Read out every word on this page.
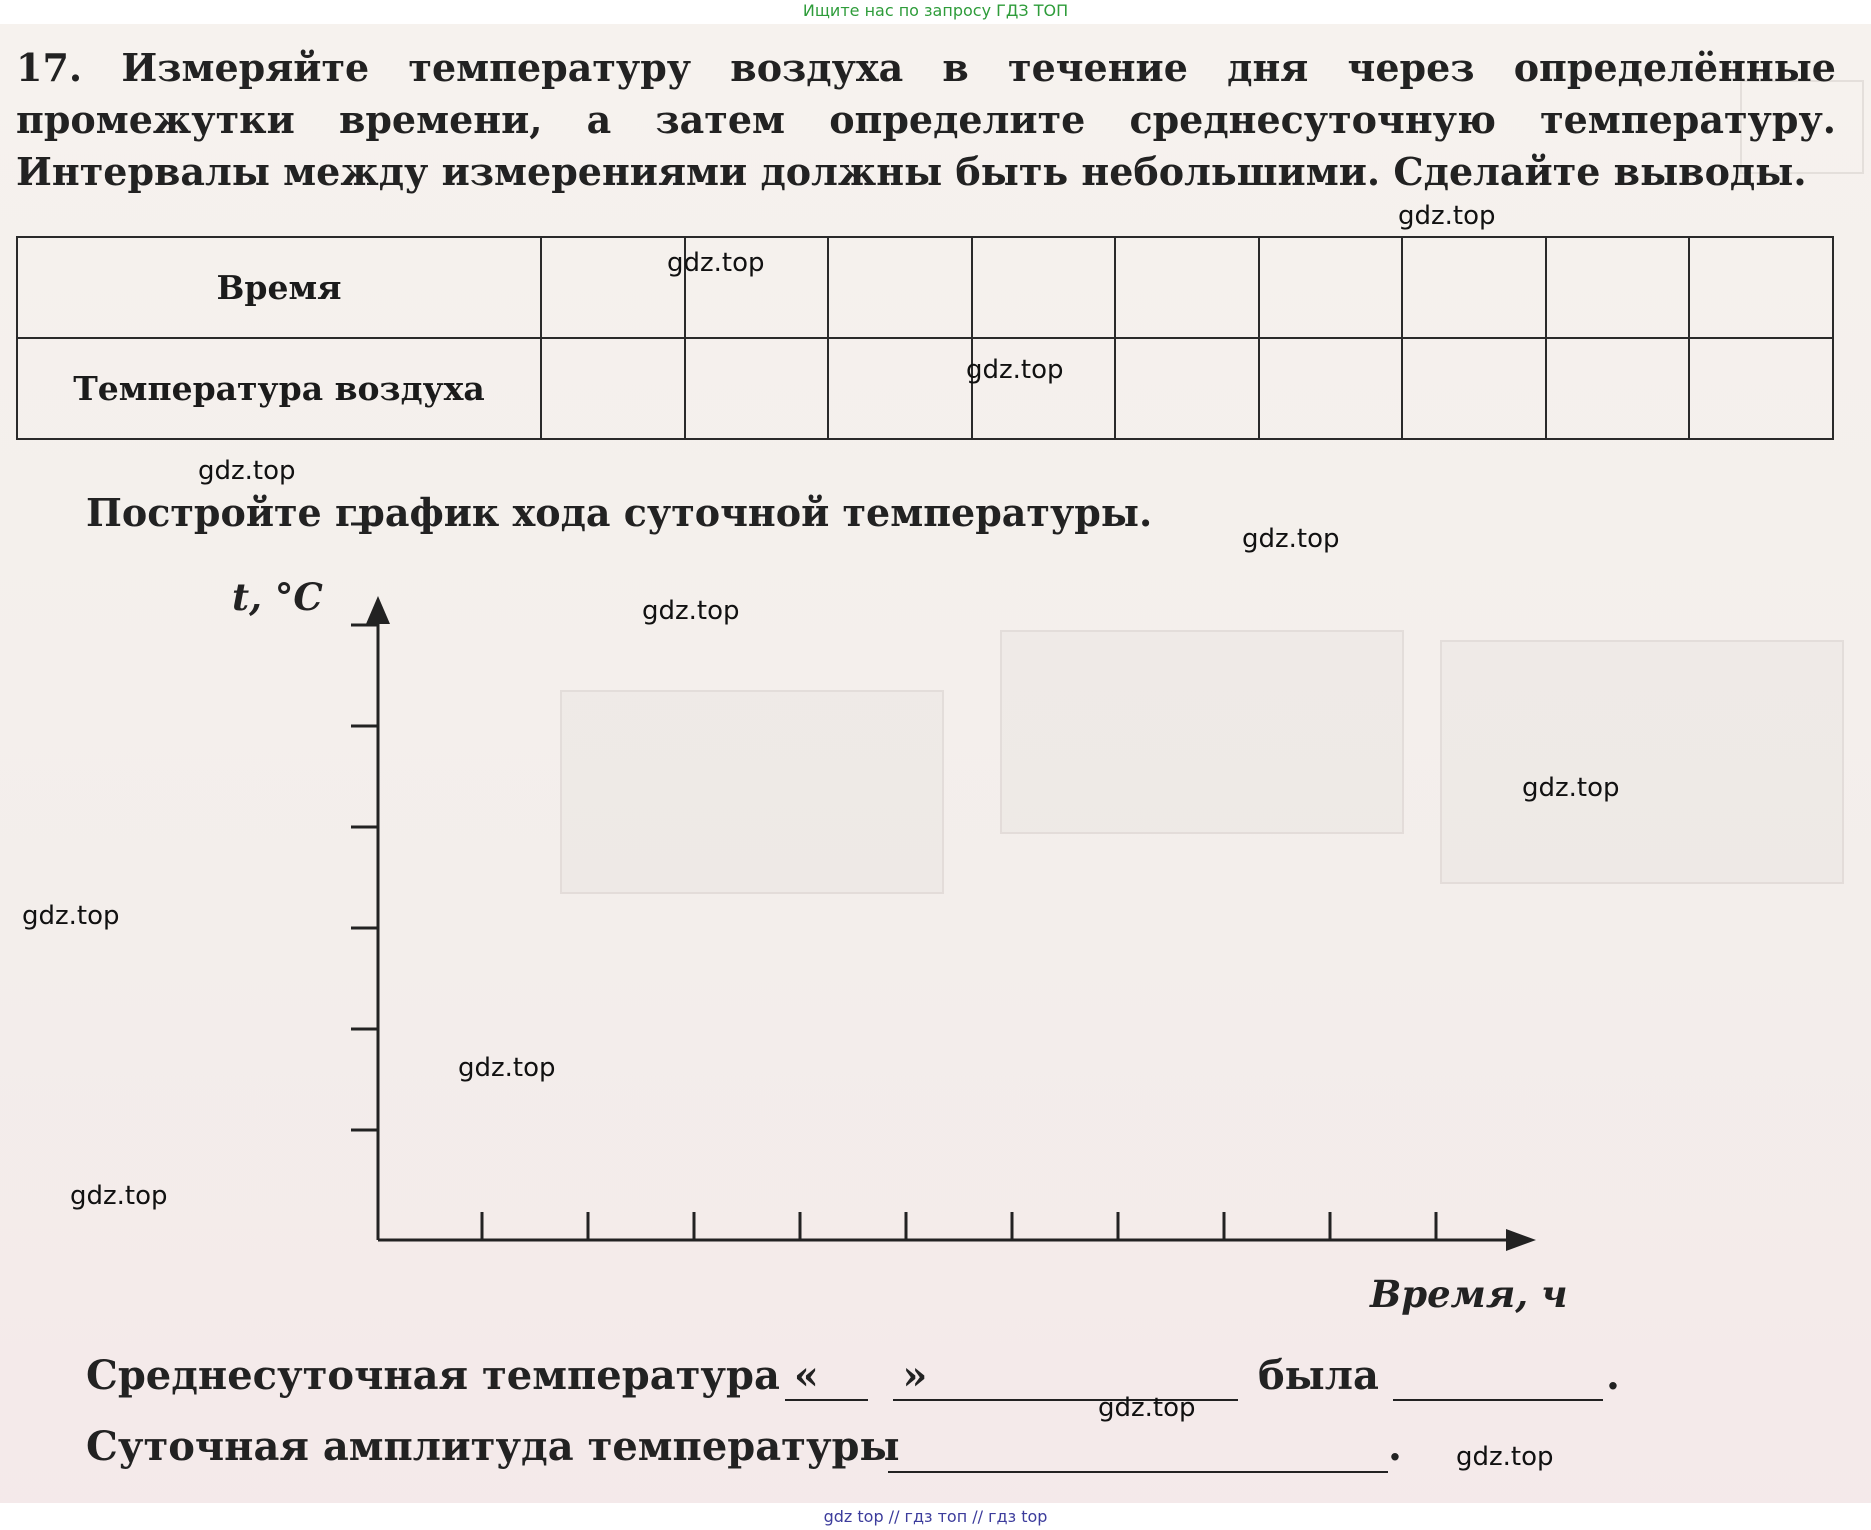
Ищите нас по запросу ГДЗ ТОП
17. Измеряйте температуру воздуха в течение дня через определённые промежутки времени, а затем определите среднесуточную температуру. Интервалы между измерениями должны быть небольшими. Сделайте выводы.
Время									
Температура воздуха									
Постройте график хода суточной температуры.
t, °C
Время, ч
Среднесуточная температура « »	была	.
Суточная амплитуда температуры	.
gdz.top
gdz.top
gdz.top
gdz.top
gdz.top
gdz.top
gdz.top
gdz.top
gdz.top
gdz.top
gdz.top
gdz.top
gdz top // гдз топ // гдз top
